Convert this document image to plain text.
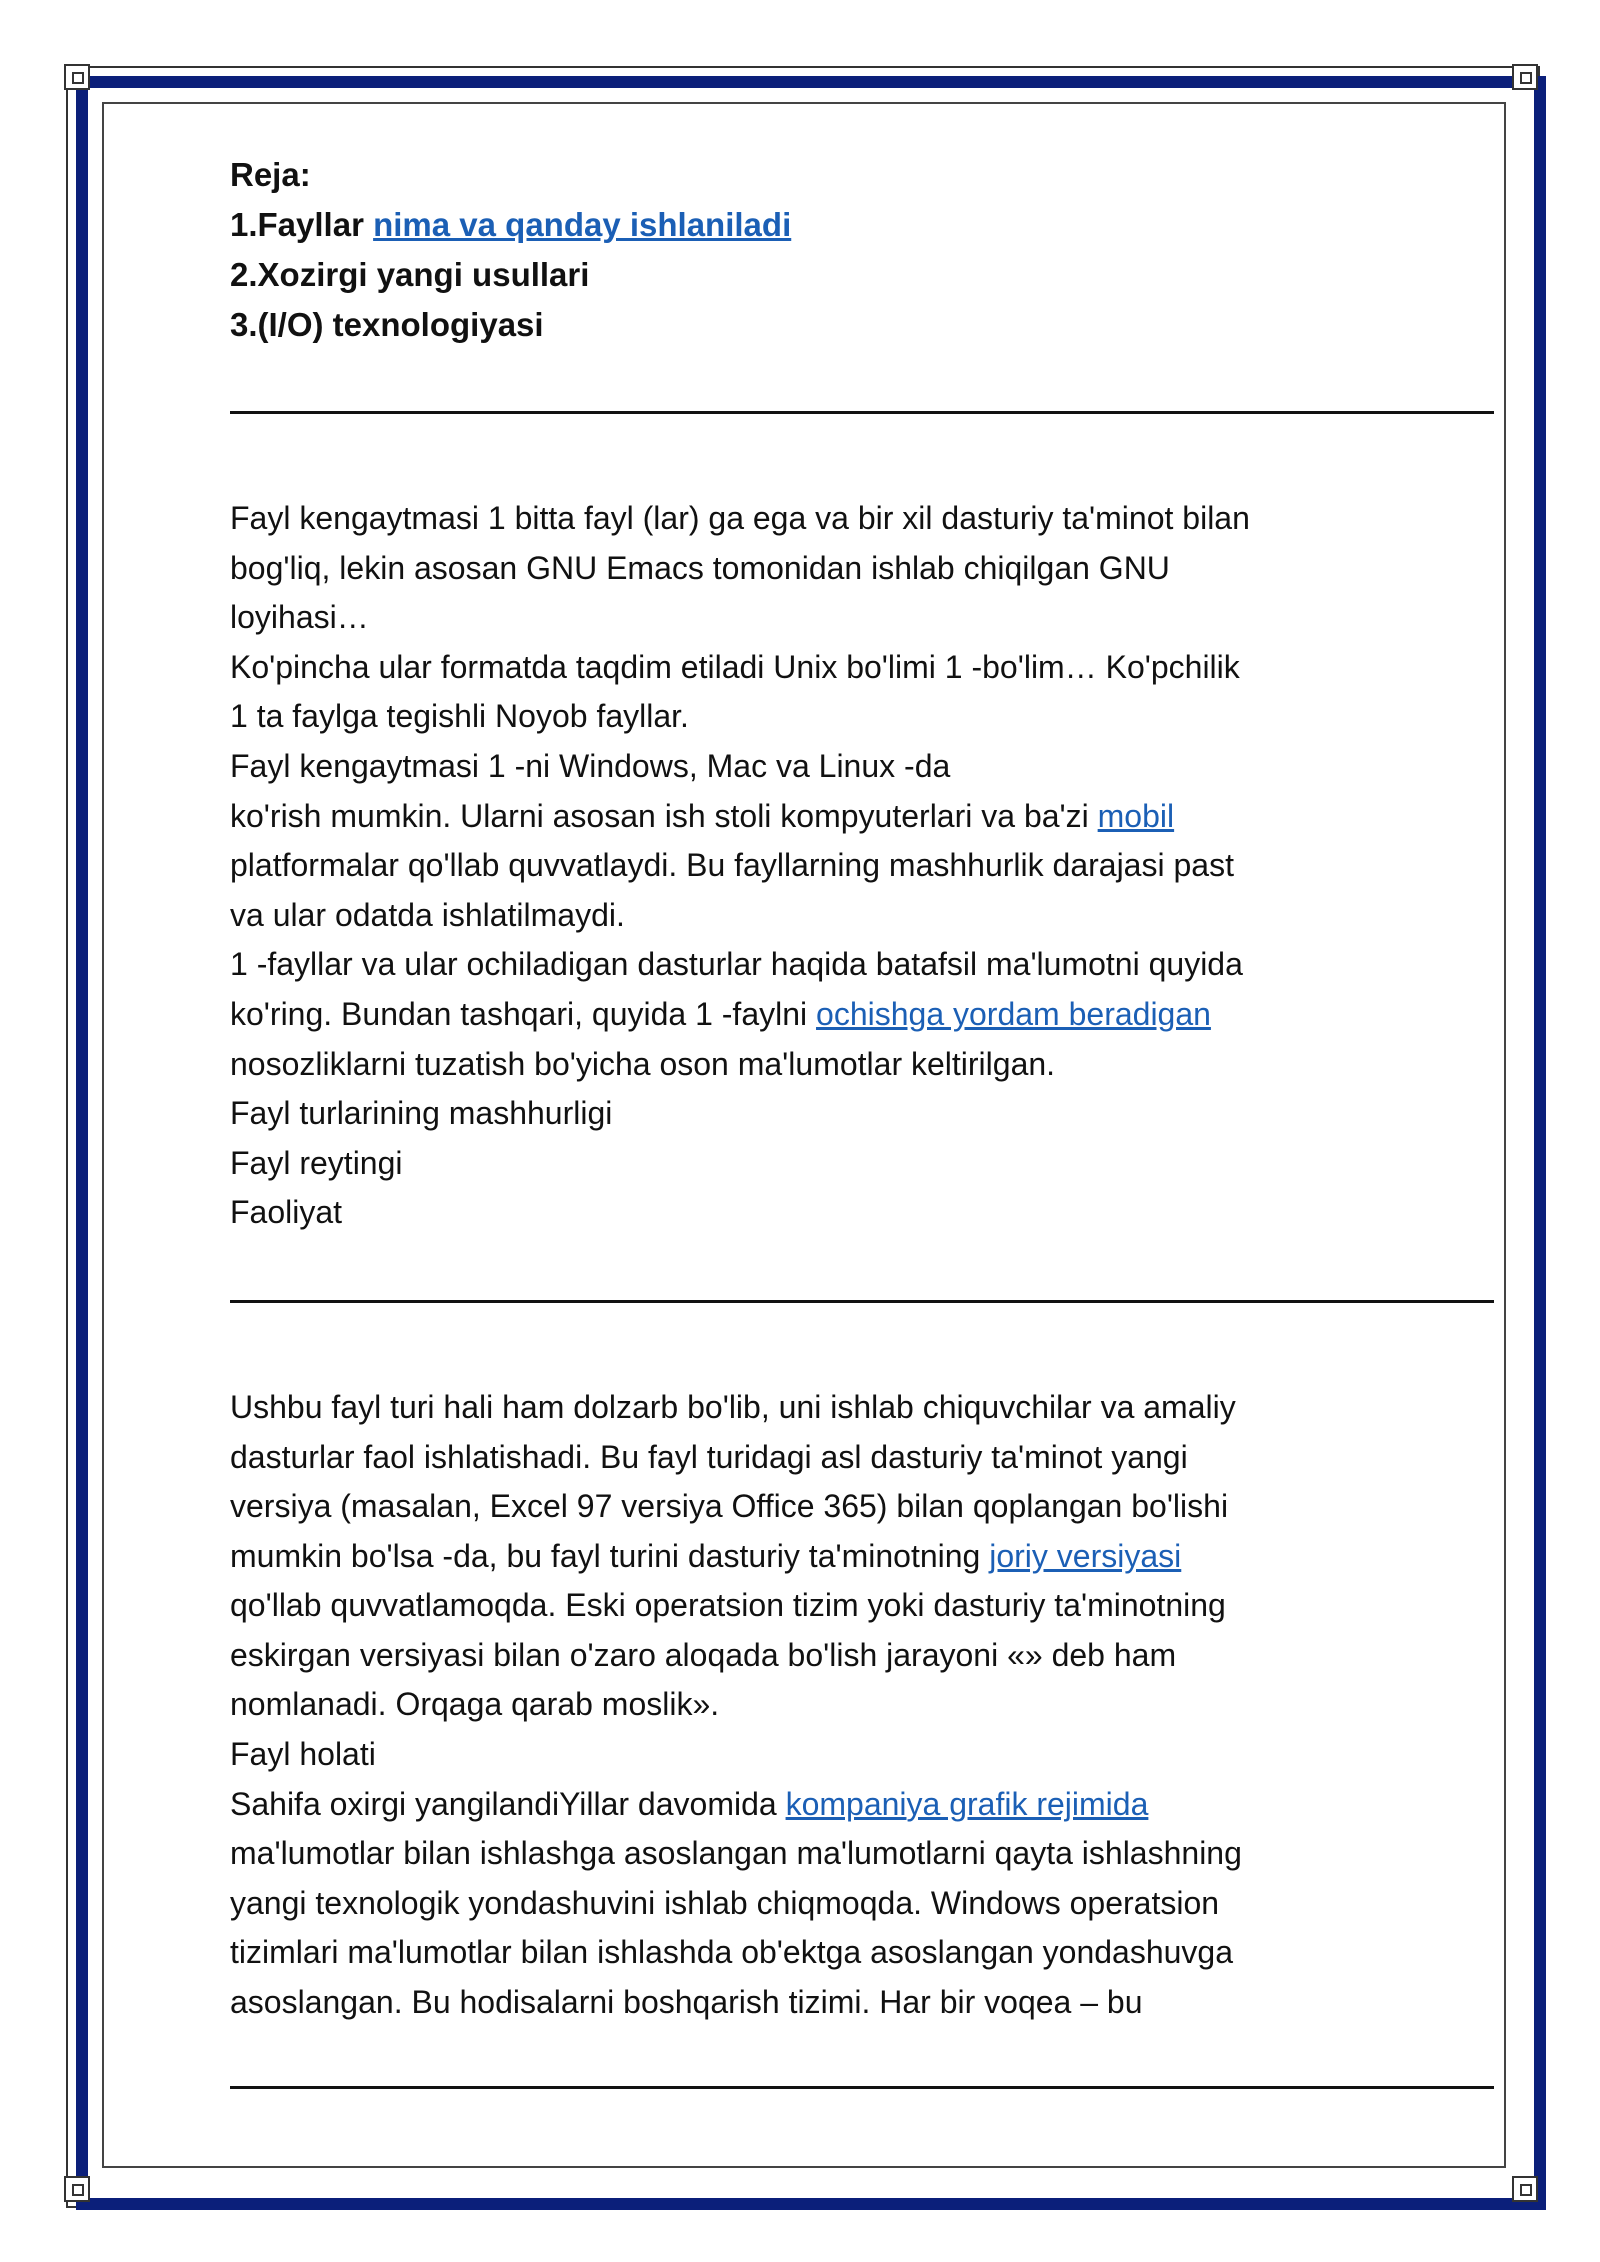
Reja:
1.Fayllar nima va qanday ishlaniladi
2.Xozirgi yangi usullari
3.(I/O) texnologiyasi
Fayl kengaytmasi 1 bitta fayl (lar) ga ega va bir xil dasturiy ta'minot bilan
bog'liq, lekin asosan GNU Emacs tomonidan ishlab chiqilgan GNU
loyihasi…
Ko'pincha ular formatda taqdim etiladi Unix bo'limi 1 -bo'lim… Ko'pchilik
1 ta faylga tegishli Noyob fayllar.
Fayl kengaytmasi 1 -ni Windows, Mac va Linux -da
ko'rish mumkin. Ularni asosan ish stoli kompyuterlari va ba'zi mobil
platformalar qo'llab quvvatlaydi. Bu fayllarning mashhurlik darajasi past
va ular odatda ishlatilmaydi.
1 -fayllar va ular ochiladigan dasturlar haqida batafsil ma'lumotni quyida
ko'ring. Bundan tashqari, quyida 1 -faylni ochishga yordam beradigan
nosozliklarni tuzatish bo'yicha oson ma'lumotlar keltirilgan.
Fayl turlarining mashhurligi
Fayl reytingi
Faoliyat
Ushbu fayl turi hali ham dolzarb bo'lib, uni ishlab chiquvchilar va amaliy
dasturlar faol ishlatishadi. Bu fayl turidagi asl dasturiy ta'minot yangi
versiya (masalan, Excel 97 versiya Office 365) bilan qoplangan bo'lishi
mumkin bo'lsa -da, bu fayl turini dasturiy ta'minotning joriy versiyasi
qo'llab quvvatlamoqda. Eski operatsion tizim yoki dasturiy ta'minotning
eskirgan versiyasi bilan o'zaro aloqada bo'lish jarayoni «» deb ham
nomlanadi. Orqaga qarab moslik».
Fayl holati
Sahifa oxirgi yangilandiYillar davomida kompaniya grafik rejimida
ma'lumotlar bilan ishlashga asoslangan ma'lumotlarni qayta ishlashning
yangi texnologik yondashuvini ishlab chiqmoqda. Windows operatsion
tizimlari ma'lumotlar bilan ishlashda ob'ektga asoslangan yondashuvga
asoslangan. Bu hodisalarni boshqarish tizimi. Har bir voqea – bu
